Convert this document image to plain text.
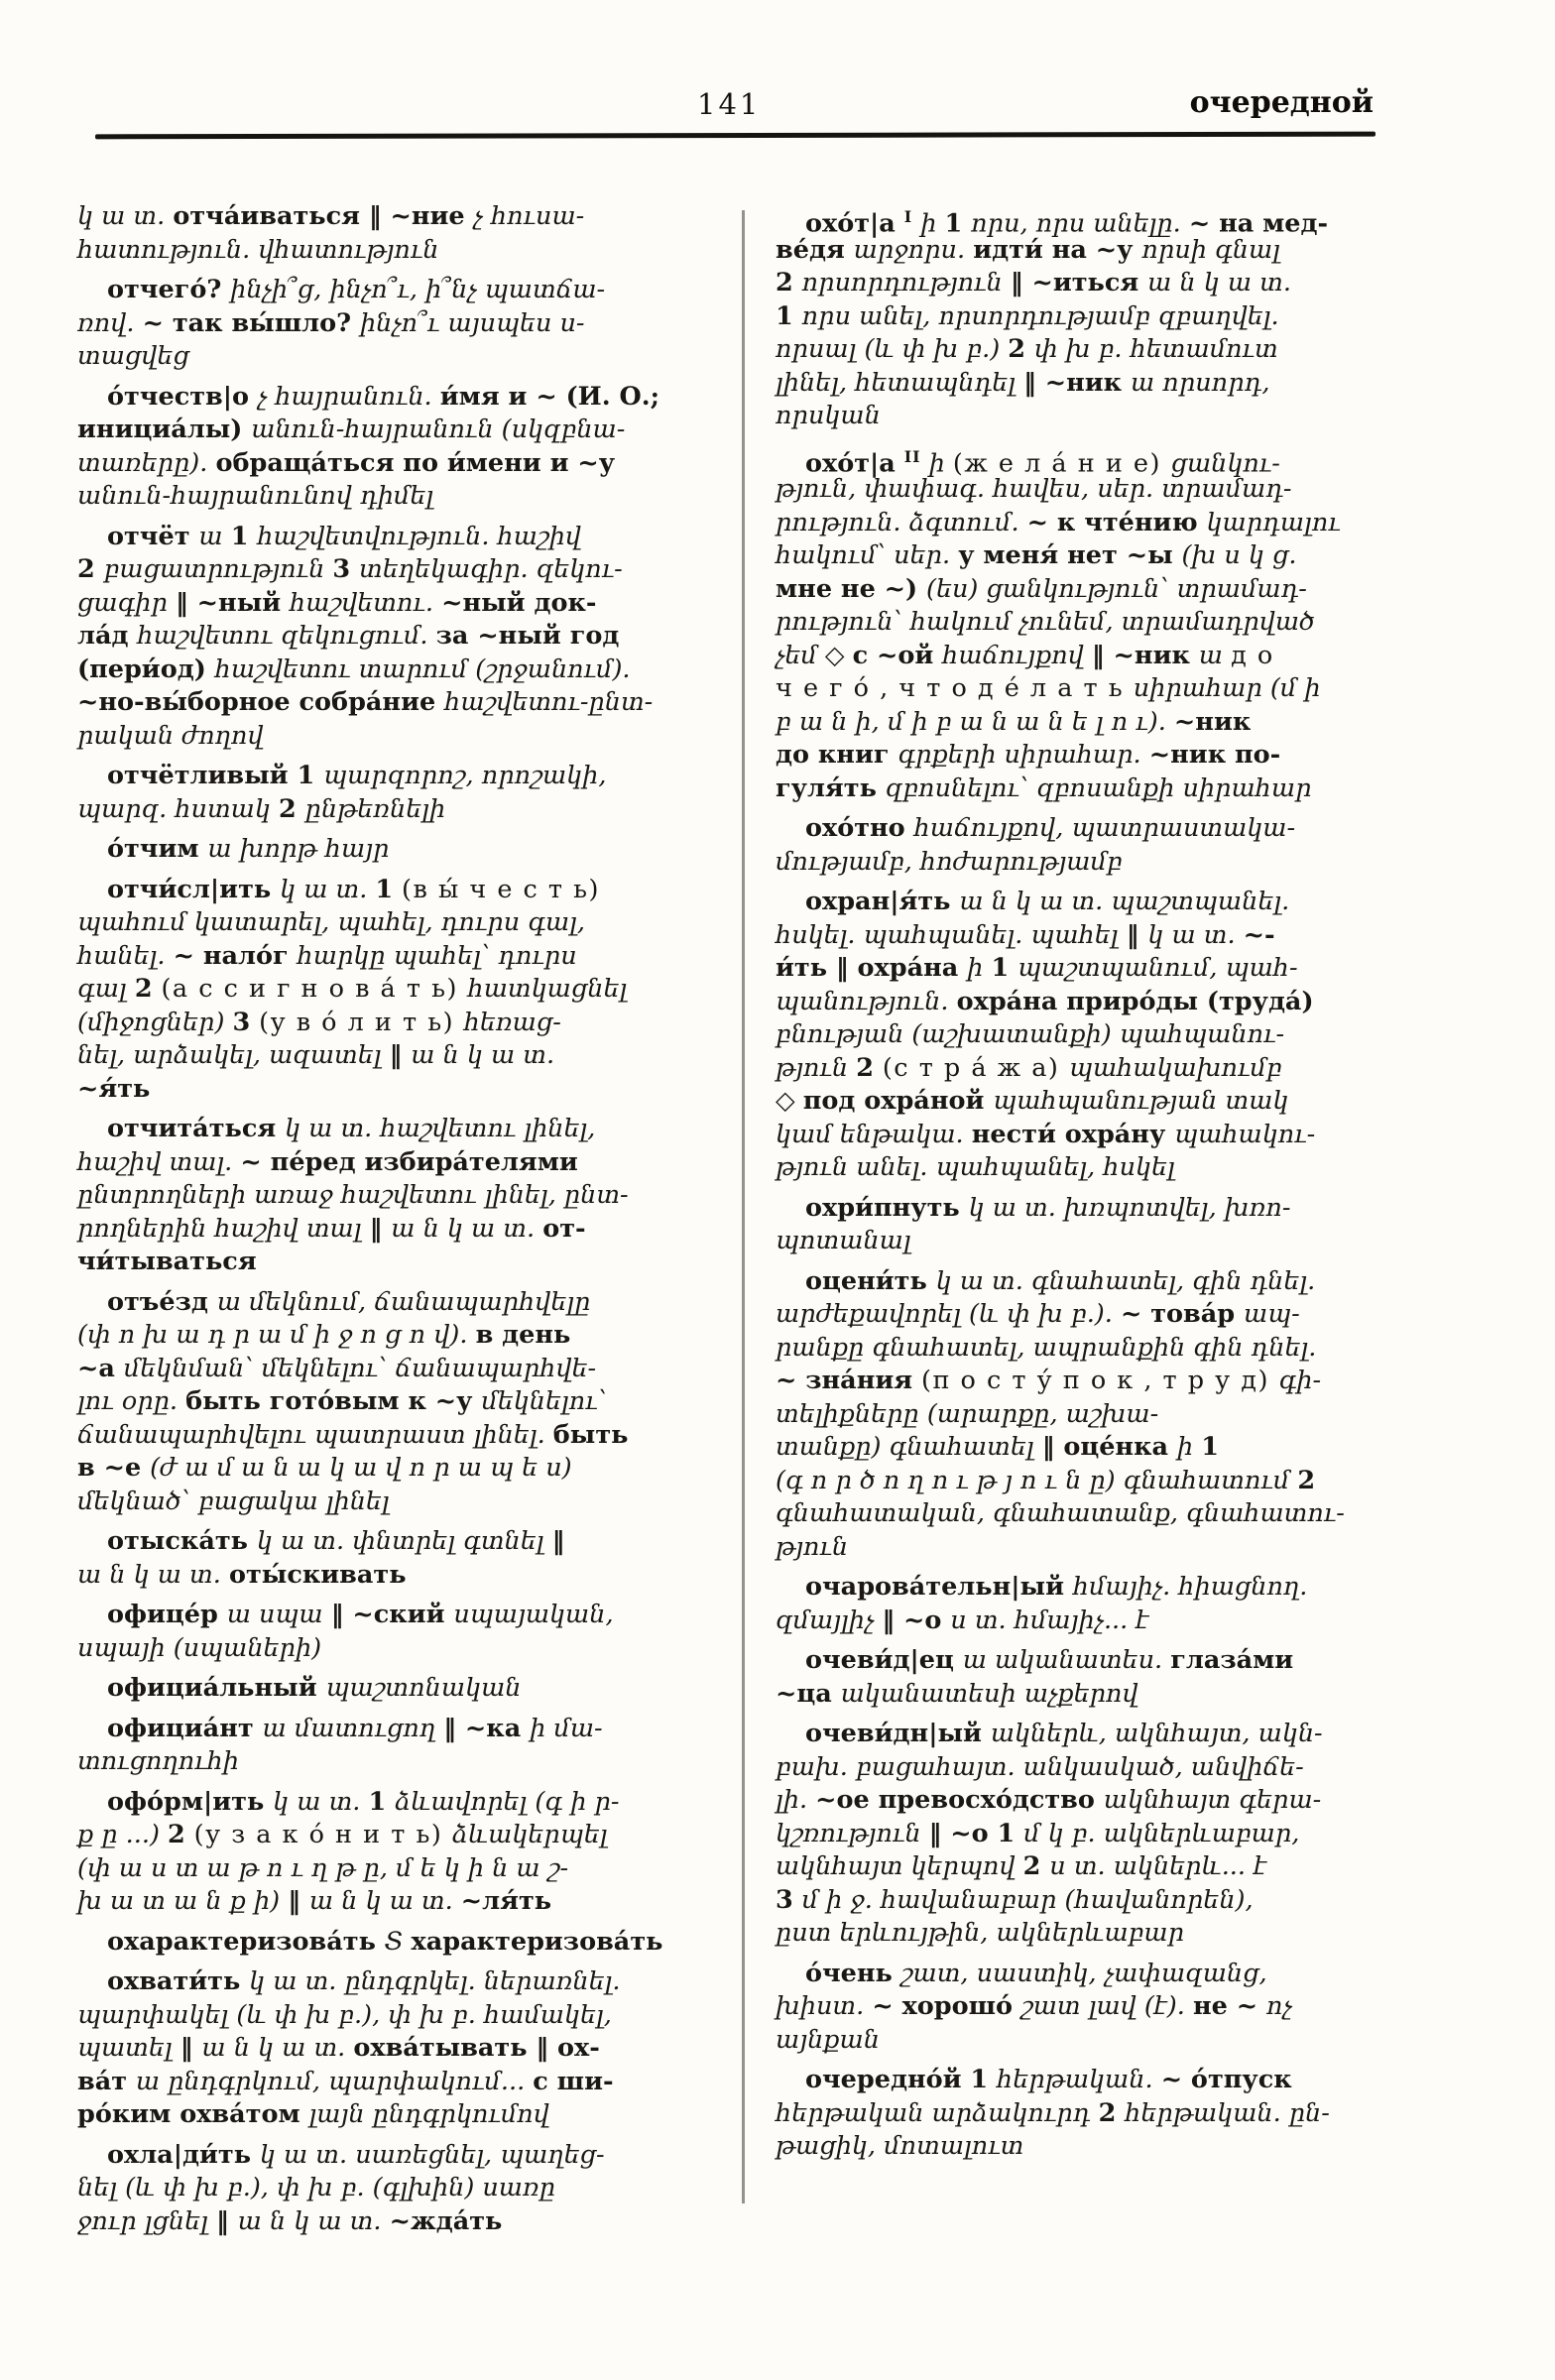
141	очередной
կ ա տ. отча́иваться ‖ ~ние չ հուսա-
հատություն. վհատություն
отчего́? ինչի՞ց, ինչո՞ւ, ի՞նչ պատճա-
ռով. ~ так вы́шло? ինչո՞ւ այսպես ս-
տացվեց
о́тчеств|о չ հայրանուն. и́мя и ~ (И. О.;
инициа́лы) անուն-հայրանուն (սկզբնա-
տառերը). обраща́ться по и́мени и ~у
անուն-հայրանունով դիմել
отчёт ա 1 հաշվետվություն. հաշիվ
2 բացատրություն 3 տեղեկագիր. զեկու-
ցագիր ‖ ~ный հաշվետու. ~ный док-
ла́д հաշվետու զեկուցում. за ~ный год
(пери́од) հաշվետու տարում (շրջանում).
~но-вы́борное собра́ние հաշվետու-ընտ-
րական ժողով
отчётливый 1 պարզորոշ, որոշակի,
պարզ. հստակ 2 ընթեռնելի
о́тчим ա խորթ հայր
отчи́сл|ить կ ա տ. 1 (в ы́ ч е с т ь)
պահում կատարել, պահել, դուրս գալ,
հանել. ~ нало́г հարկը պահել՝ դուրս
գալ 2 (а с с и г н о в а́ т ь) հատկացնել
(միջոցներ) 3 (у в о́ л и т ь) հեռաց-
նել, արձակել, ազատել ‖ ա ն կ ա տ.
~я́ть
отчита́ться կ ա տ. հաշվետու լինել,
հաշիվ տալ. ~ пе́ред избира́телями
ընտրողների առաջ հաշվետու լինել, ընտ-
րողներին հաշիվ տալ ‖ ա ն կ ա տ. от-
чи́тываться
отъе́зд ա մեկնում, ճանապարհվելը
(փ ո խ ա դ ր ա մ ի ջ ո ց ո վ). в день
~а մեկնման՝ մեկնելու՝ ճանապարհվե-
լու օրը. быть гото́вым к ~у մեկնելու՝
ճանապարհվելու պատրաստ լինել. быть
в ~е (ժ ա մ ա ն ա կ ա վ ո ր ա պ ե ս)
մեկնած՝ բացակա լինել
отыска́ть կ ա տ. փնտրել գտնել ‖
ա ն կ ա տ. оты́скивать
офице́р ա սպա ‖ ~ский սպայական,
սպայի (սպաների)
официа́льный պաշտոնական
официа́нт ա մատուցող ‖ ~ка ի մա-
տուցողուհի
офо́рм|ить կ ա տ. 1 ձևավորել (գ ի ր-
ք ը ...) 2 (у з а к о́ н и т ь) ձևակերպել
(փ ա ս տ ա թ ո ւ ղ թ ը, մ ե կ ի ն ա շ-
խ ա տ ա ն ք ի) ‖ ա ն կ ա տ. ~ля́ть
охарактеризова́ть Տ характеризова́ть
охвати́ть կ ա տ. ընդգրկել. ներառնել.
պարփակել (և փ խ բ.), փ խ բ. համակել,
պատել ‖ ա ն կ ա տ. охва́тывать ‖ ох-
ва́т ա ընդգրկում, պարփակում... с ши-
ро́ким охва́том լայն ընդգրկումով
охла|ди́ть կ ա տ. սառեցնել, պաղեց-
նել (և փ խ բ.), փ խ բ. (գլխին) սառը
ջուր լցնել ‖ ա ն կ ա տ. ~жда́ть
охо́т|а $^I$ ի 1 որս, որս անելը. ~ на мед-
ве́дя արջորս. идти́ на ~у որսի գնալ
2 որսորդություն ‖ ~иться ա ն կ ա տ.
1 որս անել, որսորդությամբ զբաղվել.
որսալ (և փ խ բ.) 2 փ խ բ. հետամուտ
լինել, հետապնդել ‖ ~ник ա որսորդ,
որսկան
охо́т|а $^{II}$ ի (ж е л а́ н и е) ցանկու-
թյուն, փափագ. հավես, սեր. տրամադ-
րություն. ձգտում. ~ к чте́нию կարդալու
հակում՝ սեր. у меня́ нет ~ы (խ ս կ ց.
мне не ~) (ես) ցանկություն՝ տրամադ-
րություն՝ հակում չունեմ, տրամադրված
չեմ ◇ с ~ой հաճույքով ‖ ~ник ա д о
ч е г о́ , ч т о д е́ л а т ь սիրահար (մ ի
բ ա ն ի, մ ի բ ա ն ա ն ե լ ո ւ). ~ник
до книг գրքերի սիրահար. ~ник по-
гуля́ть զբոսնելու՝ զբոսանքի սիրահար
охо́тно հաճույքով, պատրաստակա-
մությամբ, հոժարությամբ
охран|я́ть ա ն կ ա տ. պաշտպանել.
հսկել. պահպանել. պահել ‖ կ ա տ. ~-
и́ть ‖ охра́на ի 1 պաշտպանում, պահ-
պանություն. охра́на приро́ды (труда́)
բնության (աշխատանքի) պահպանու-
թյուն 2 (с т р а́ ж а) պահակախումբ
◇ под охра́ной պահպանության տակ
կամ ենթակա. нести́ охра́ну պահակու-
թյուն անել. պահպանել, հսկել
охри́пнуть կ ա տ. խռպոտվել, խռո-
պոտանալ
оцени́ть կ ա տ. գնահատել, գին դնել.
արժեքավորել (և փ խ բ.). ~ това́р ապ-
րանքը գնահատել, ապրանքին գին դնել.
~ зна́ния (п о с т у́ п о к , т р у д) գի-
տելիքները (արարքը, աշխա-
տանքը) գնահատել ‖ оце́нка ի 1
(գ ո ր ծ ո ղ ո ւ թ յ ո ւ ն ը) գնահատում 2
գնահատական, գնահատանք, գնահատու-
թյուն
очарова́тельн|ый հմայիչ. հիացնող.
զմայլիչ ‖ ~о ս տ. հմայիչ... է
очеви́д|ец ա ականատես. глаза́ми
~ца ականատեսի աչքերով
очеви́дн|ый ակներև, ակնհայտ, ակն-
բախ. բացահայտ. անկասկած, անվիճե-
լի. ~ое превосхо́дство ակնհայտ գերա-
կշռություն ‖ ~о 1 մ կ բ. ակներևաբար,
ակնհայտ կերպով 2 ս տ. ակներև... է
3 մ ի ջ. հավանաբար (հավանորեն),
ըստ երևույթին, ակներևաբար
о́чень շատ, սաստիկ, չափազանց,
խիստ. ~ хорошо́ շատ լավ (է). не ~ ոչ
այնքան
очередно́й 1 հերթական. ~ о́тпуск
հերթական արձակուրդ 2 հերթական. ըն-
թացիկ, մոտալուտ
